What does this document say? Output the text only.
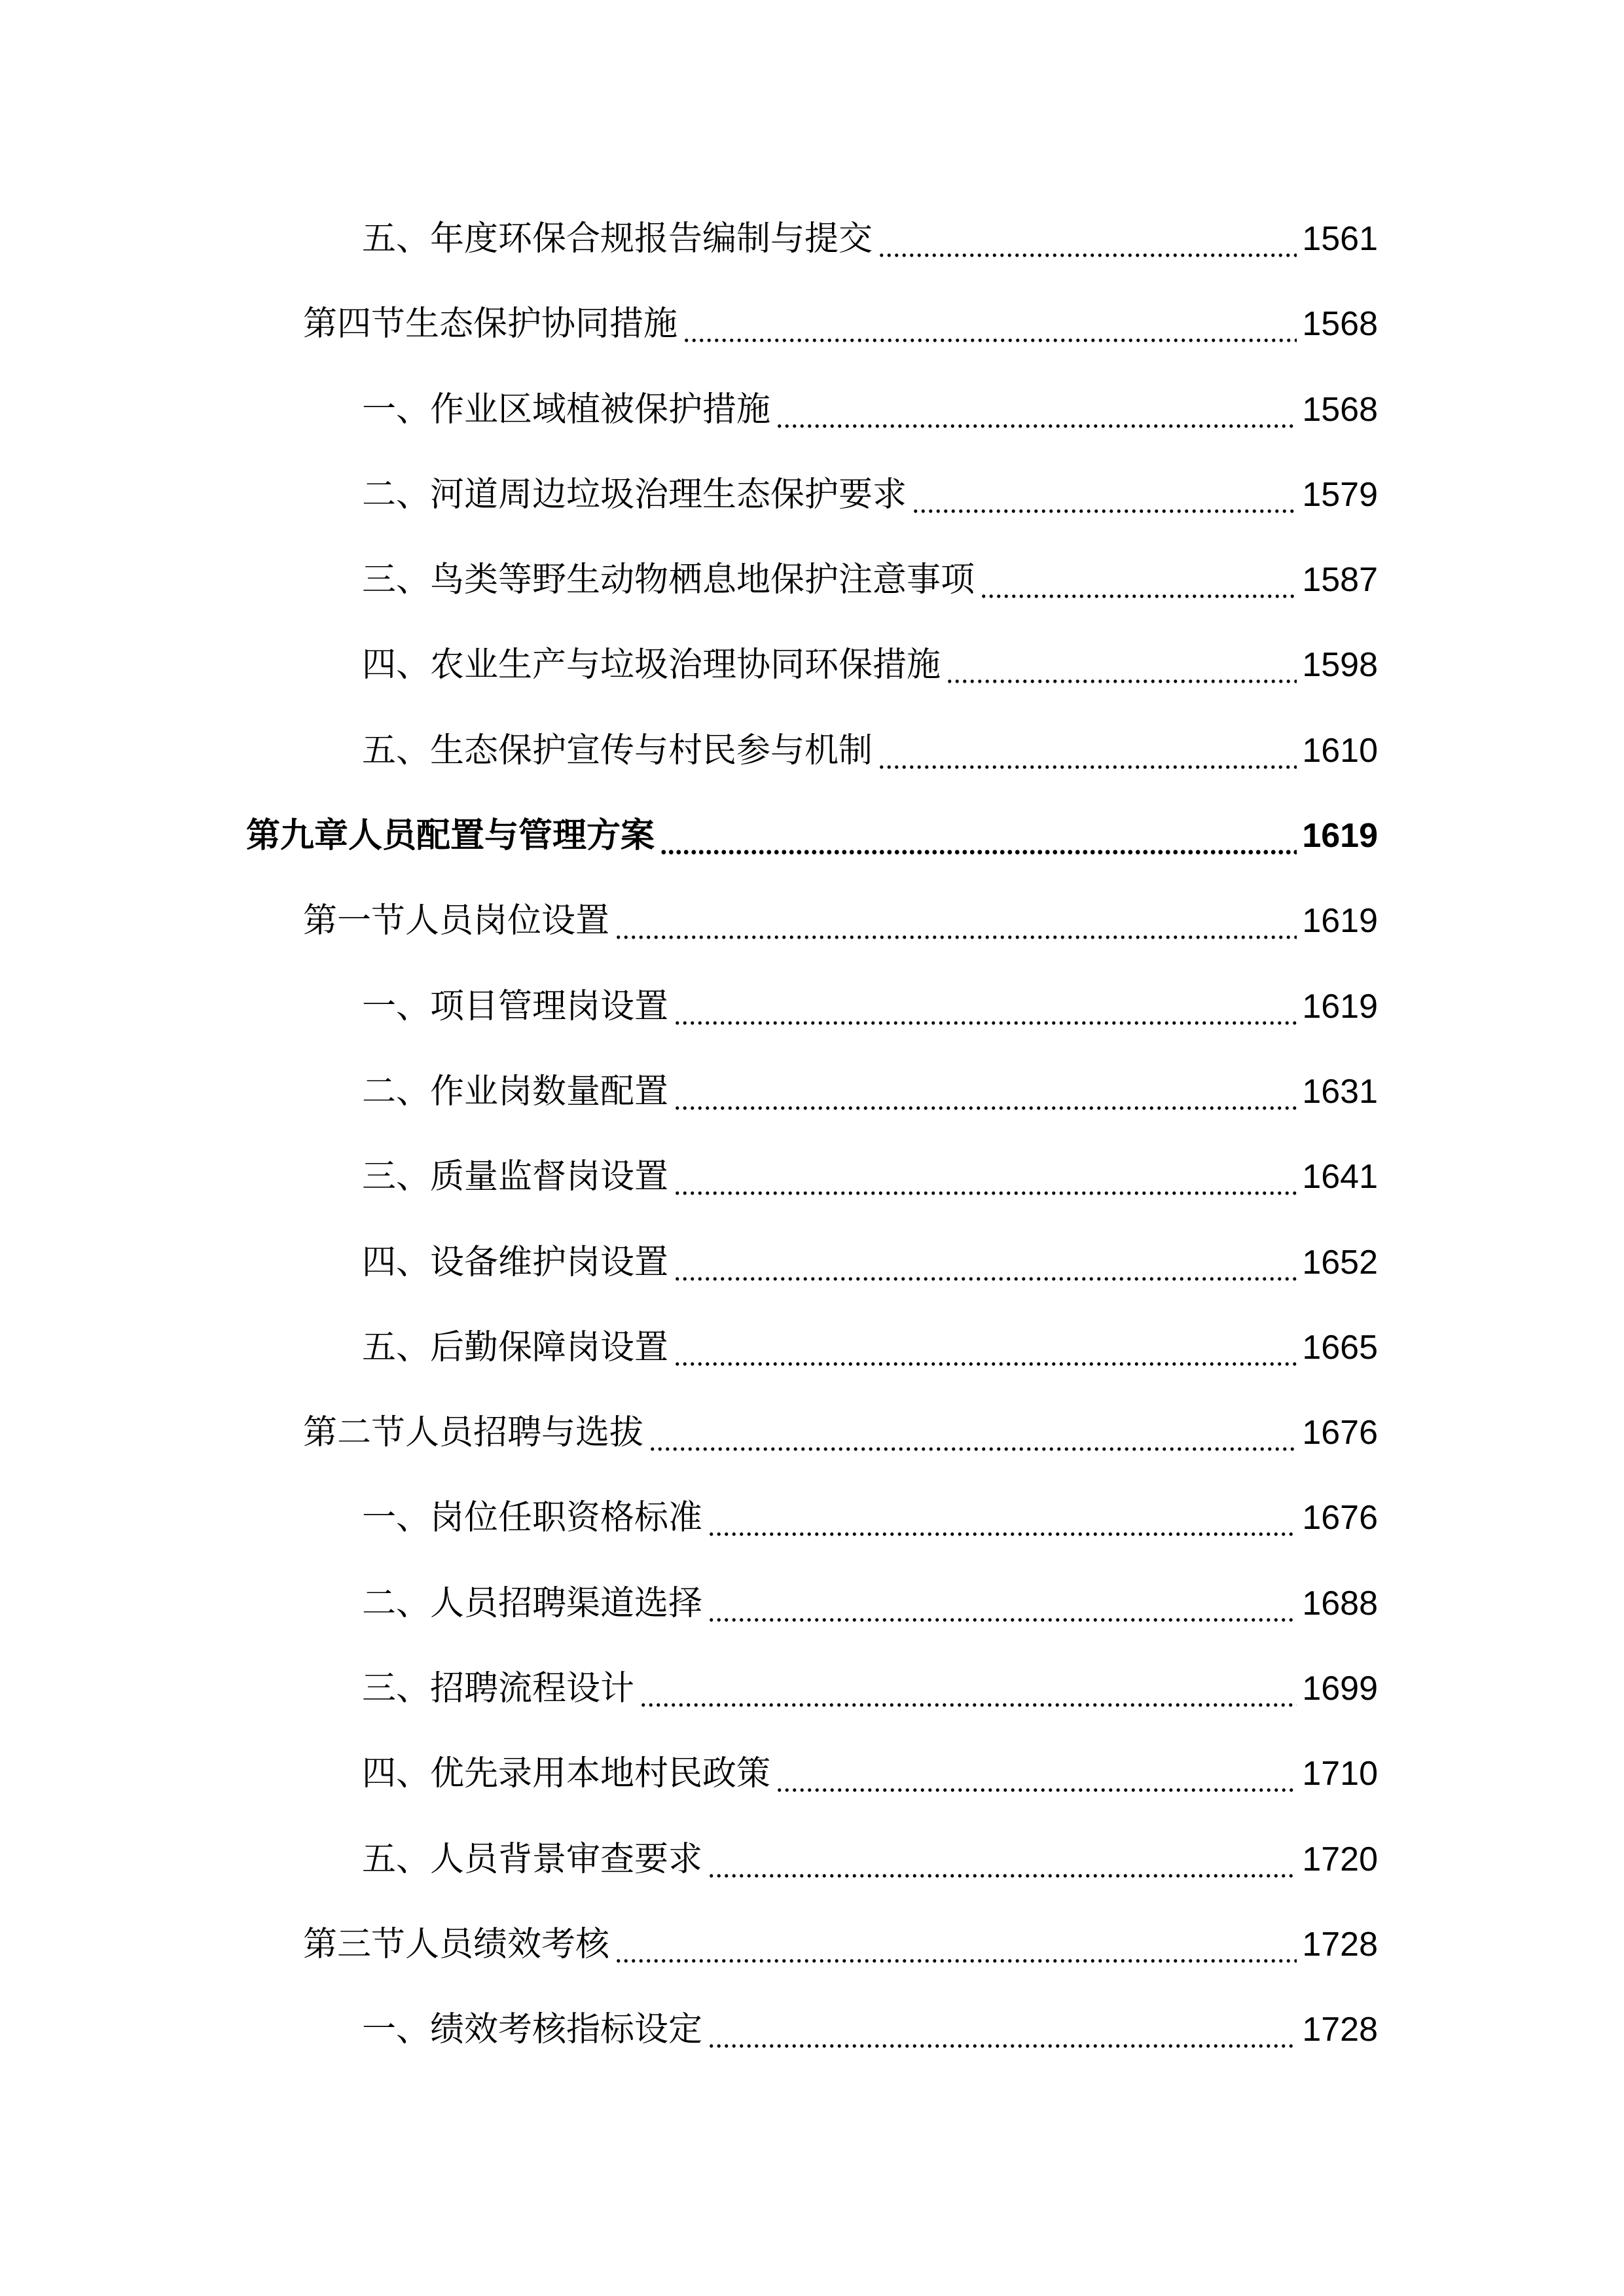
五、年度环保合规报告编制与提交	1561
第四节生态保护协同措施	1568
一、作业区域植被保护措施	1568
二、河道周边垃圾治理生态保护要求	1579
三、鸟类等野生动物栖息地保护注意事项	1587
四、农业生产与垃圾治理协同环保措施	1598
五、生态保护宣传与村民参与机制	1610
第九章人员配置与管理方案	1619
第一节人员岗位设置	1619
一、项目管理岗设置	1619
二、作业岗数量配置	1631
三、质量监督岗设置	1641
四、设备维护岗设置	1652
五、后勤保障岗设置	1665
第二节人员招聘与选拔	1676
一、岗位任职资格标准	1676
二、人员招聘渠道选择	1688
三、招聘流程设计	1699
四、优先录用本地村民政策	1710
五、人员背景审查要求	1720
第三节人员绩效考核	1728
一、绩效考核指标设定	1728
